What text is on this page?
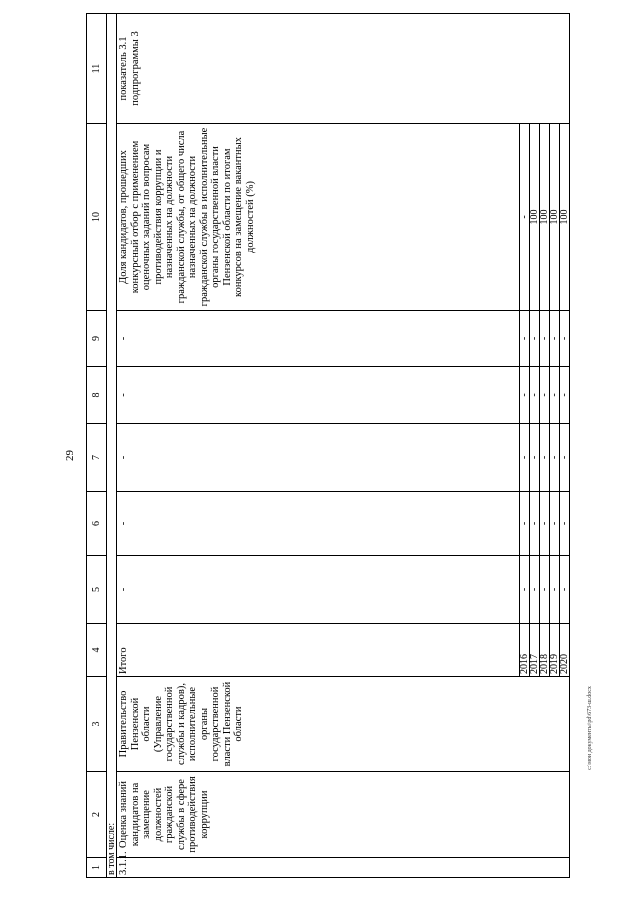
29
c:\мои документы\pd\673-ш.docx
1	2	3	4	5	6	7	8	9	10	11
в том числе:										
3.1.1.	Оценка знаний кандидатов на замещение должностей гражданской службы в сфере противодействия коррупции	Правительство Пензенской области (Управление государственной службы и кадров), исполнительные органы государственной власти Пензенской области	Итого	-	-	-	-	-	Доля кандидатов, прошедших конкурсный отбор с применением оценочных заданий по вопросам противодействия коррупции и назначенных на должности гражданской службы, от общего числа назначенных на должности гражданской службы в исполнительные органы государственной власти Пензенской области по итогам конкурсов на замещение вакантных должностей (%)	показатель 3.1 подпрограммы 3
			2016	-	-	-	-	-	-	
			2017	-	-	-	-	-	100	
			2018	-	-	-	-	-	100	
			2019	-	-	-	-	-	100	
			2020	-	-	-	-	-	100	
